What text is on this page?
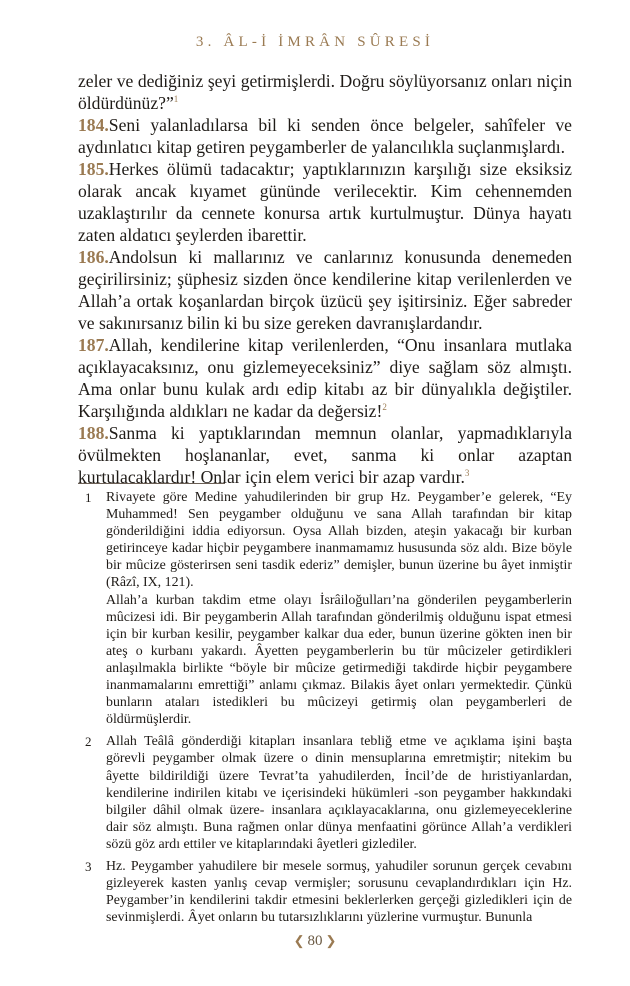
3. ÂL-İ İMRÂN SÛRESİ

zeler ve dediğiniz şeyi getirmişlerdi. Doğru söylüyorsanız onları niçin öldürdünüz?”$^1$

184.Seni yalanladılarsa bil ki senden önce belgeler, sahîfeler ve aydınlatıcı kitap getiren peygamberler de yalancılıkla suçlanmışlardı.

185.Herkes ölümü tadacaktır; yaptıklarınızın karşılığı size eksiksiz olarak ancak kıyamet gününde verilecektir. Kim cehennemden uzaklaştırılır da cennete konursa artık kurtulmuştur. Dünya hayatı zaten aldatıcı şeylerden ibarettir.

186.Andolsun ki mallarınız ve canlarınız konusunda denemeden geçirilirsiniz; şüphesiz sizden önce kendilerine kitap verilenlerden ve Allah’a ortak koşanlardan birçok üzücü şey işitirsiniz. Eğer sabreder ve sakınırsanız bilin ki bu size gereken davranışlardandır.

187.Allah, kendilerine kitap verilenlerden, “Onu insanlara mutlaka açıklayacaksınız, onu gizlemeyeceksiniz” diye sağlam söz almıştı. Ama onlar bunu kulak ardı edip kitabı az bir dünyalıkla değiştiler. Karşılığında aldıkları ne kadar da değersiz!$^2$

188.Sanma ki yaptıklarından memnun olanlar, yapmadıklarıyla övülmekten hoşlananlar, evet, sanma ki onlar azaptan kurtulacaklardır! Onlar için elem verici bir azap vardır.$^3$

1 Rivayete göre Medine yahudilerinden bir grup Hz. Peygamber’e gelerek, “Ey Muhammed! Sen peygamber olduğunu ve sana Allah tarafından bir kitap gönderildiğini iddia ediyorsun. Oysa Allah bizden, ateşin yakacağı bir kurban getirinceye kadar hiçbir peygambere inanmamamız hususunda söz aldı. Bize böyle bir mûcize gösterirsen seni tasdik ederiz” demişler, bunun üzerine bu âyet inmiştir (Râzî, IX, 121).

Allah’a kurban takdim etme olayı İsrâiloğulları’na gönderilen peygamberlerin mûcizesi idi. Bir peygamberin Allah tarafından gönderilmiş olduğunu ispat etmesi için bir kurban kesilir, peygamber kalkar dua eder, bunun üzerine gökten inen bir ateş o kurbanı yakardı. Âyetten peygamberlerin bu tür mûcizeler getirdikleri anlaşılmakla birlikte “böyle bir mûcize getirmediği takdirde hiçbir peygambere inanmamalarını emrettiği” anlamı çıkmaz. Bilakis âyet onları yermektedir. Çünkü bunların ataları istedikleri bu mûcizeyi getirmiş olan peygamberleri de öldürmüşlerdir.

2 Allah Teâlâ gönderdiği kitapları insanlara tebliğ etme ve açıklama işini başta görevli peygamber olmak üzere o dinin mensuplarına emretmiştir; nitekim bu âyette bildirildiği üzere Tevrat’ta yahudilerden, İncil’de de hıristiyanlardan, kendilerine indirilen kitabı ve içerisindeki hükümleri -son peygamber hakkındaki bilgiler dâhil olmak üzere- insanlara açıklayacaklarına, onu gizlemeyeceklerine dair söz almıştı. Buna rağmen onlar dünya menfaatini görünce Allah’a verdikleri sözü göz ardı ettiler ve kitaplarındaki âyetleri gizlediler.

3 Hz. Peygamber yahudilere bir mesele sormuş, yahudiler sorunun gerçek cevabını gizleyerek kasten yanlış cevap vermişler; sorusunu cevaplandırdıkları için Hz. Peygamber’in kendilerini takdir etmesini beklerlerken gerçeği gizledikleri için de sevinmişlerdi. Âyet onların bu tutarsızlıklarını yüzlerine vurmuştur. Bununla

❮ 80 ❯
